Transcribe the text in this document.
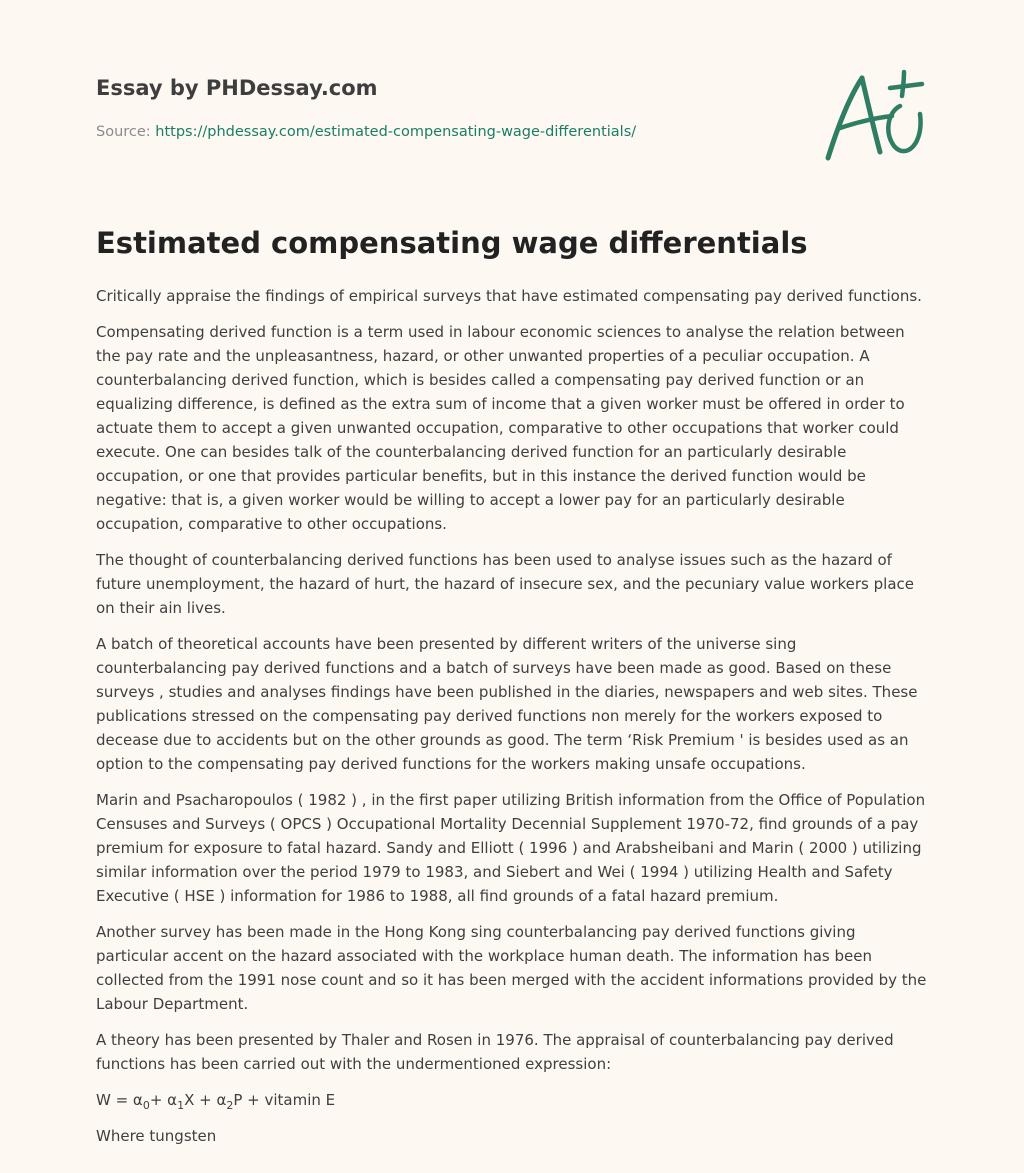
Essay by PHDessay.com
Source: https://phdessay.com/estimated-compensating-wage-differentials/
Estimated compensating wage differentials

Critically appraise the findings of empirical surveys that have estimated compensating pay derived functions.

Compensating derived function is a term used in labour economic sciences to analyse the relation between the pay rate and the unpleasantness, hazard, or other unwanted properties of a peculiar occupation. A counterbalancing derived function, which is besides called a compensating pay derived function or an equalizing difference, is defined as the extra sum of income that a given worker must be offered in order to actuate them to accept a given unwanted occupation, comparative to other occupations that worker could execute. One can besides talk of the counterbalancing derived function for an particularly desirable occupation, or one that provides particular benefits, but in this instance the derived function would be negative: that is, a given worker would be willing to accept a lower pay for an particularly desirable occupation, comparative to other occupations.

The thought of counterbalancing derived functions has been used to analyse issues such as the hazard of future unemployment, the hazard of hurt, the hazard of insecure sex, and the pecuniary value workers place on their ain lives.

A batch of theoretical accounts have been presented by different writers of the universe sing counterbalancing pay derived functions and a batch of surveys have been made as good. Based on these surveys , studies and analyses findings have been published in the diaries, newspapers and web sites. These publications stressed on the compensating pay derived functions non merely for the workers exposed to decease due to accidents but on the other grounds as good. The term ‘Risk Premium ' is besides used as an option to the compensating pay derived functions for the workers making unsafe occupations.

Marin and Psacharopoulos ( 1982 ) , in the first paper utilizing British information from the Office of Population Censuses and Surveys ( OPCS ) Occupational Mortality Decennial Supplement 1970-72, find grounds of a pay premium for exposure to fatal hazard. Sandy and Elliott ( 1996 ) and Arabsheibani and Marin ( 2000 ) utilizing similar information over the period 1979 to 1983, and Siebert and Wei ( 1994 ) utilizing Health and Safety Executive ( HSE ) information for 1986 to 1988, all find grounds of a fatal hazard premium.

Another survey has been made in the Hong Kong sing counterbalancing pay derived functions giving particular accent on the hazard associated with the workplace human death. The information has been collected from the 1991 nose count and so it has been merged with the accident informations provided by the Labour Department.

A theory has been presented by Thaler and Rosen in 1976. The appraisal of counterbalancing pay derived functions has been carried out with the undermentioned expression:

$W = \alpha_0+ \alpha_1X + \alpha_2P$ + vitamin E

Where tungsten
